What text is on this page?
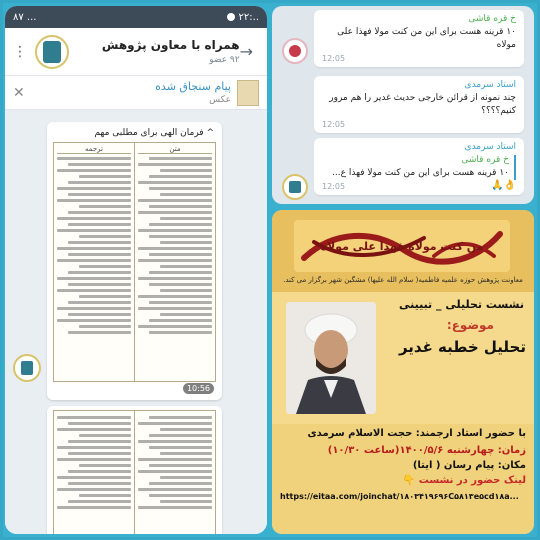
۸۷ ...	۲۲:..
→
همراه با معاون پژوهش
۹۲ عضو
⋮
پیام سنجاق شده
عکس
✕
^ فرمان الهی برای مطلبی مهم
متن
ترجمه
10:56
خ قره قاشی
۱۰ قرینه هست برای این من کنت مولا فهذا علی مولاه
12:05
استاد سرمدی
چند نمونه از قرائن خارجی حدیث غدیر را هم مرور کنیم؟؟؟؟
12:05
استاد سرمدی
خ قره قاشی
۱۰ قرینه هست برای این من کنت مولا فهذا ع...
12:05	🙏👌
من کنت مولاه فهذا علی مولاه
معاونت پژوهش حوزه علمیه فاطمیه( سلام الله علیها) مشگین شهر برگزار می کند.
نشست تحلیلی _ تبیینی
موضوع:
تحلیل خطبه غدیر
با حضور استاد ارجمند: حجت الاسلام سرمدی
زمان: چهارشنبه ۱۴۰۰/۵/۶(ساعت ۱۰/۳۰)
مکان: پیام رسان ( ایتا)
لینک حضور در نشست 👇
https://eitaa.com/joinchat/۱۸۰۳۴۱۹۶۹۶C۵۸۱۳e۵cd۱۸a...
